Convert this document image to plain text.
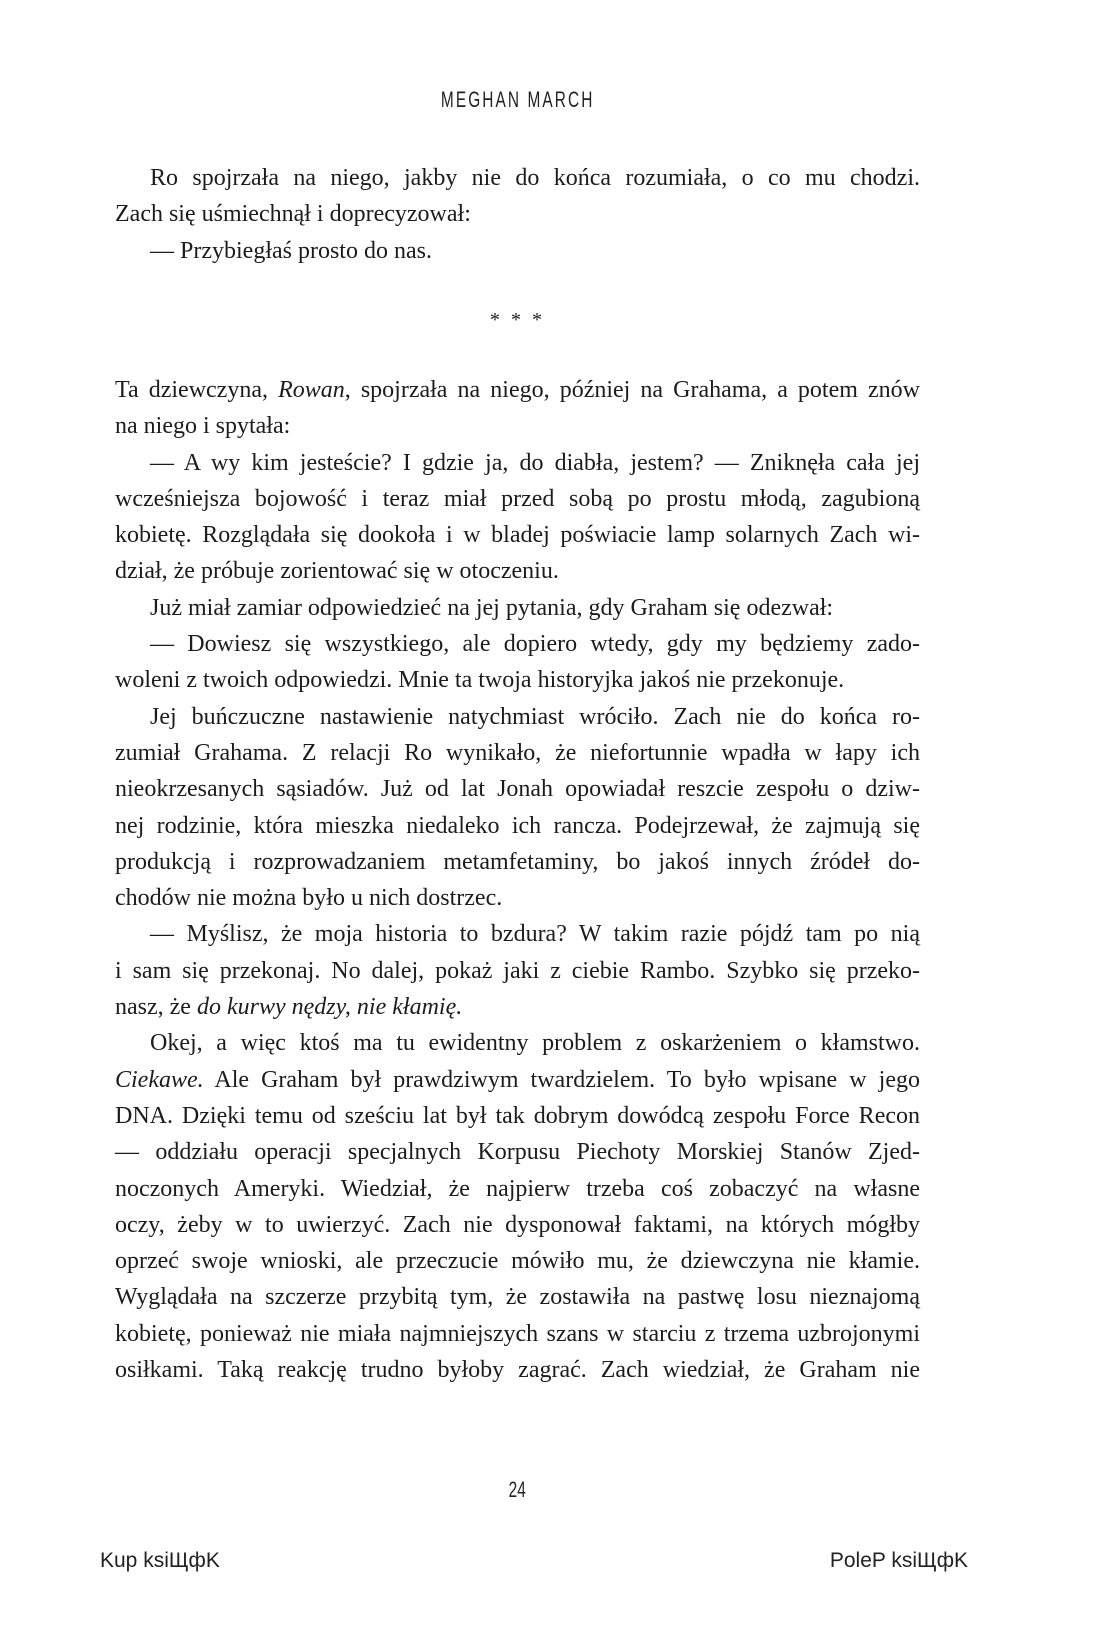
MEGHAN MARCH
Ro spojrzała na niego, jakby nie do końca rozumiała, o co mu chodzi.
Zach się uśmiechnął i doprecyzował:
— Przybiegłaś prosto do nas.
* * *
Ta dziewczyna, Rowan, spojrzała na niego, później na Grahama, a potem znów
na niego i spytała:
— A wy kim jesteście? I gdzie ja, do diabła, jestem? — Zniknęła cała jej
wcześniejsza bojowość i teraz miał przed sobą po prostu młodą, zagubioną
kobietę. Rozglądała się dookoła i w bladej poświacie lamp solarnych Zach wi-
dział, że próbuje zorientować się w otoczeniu.
Już miał zamiar odpowiedzieć na jej pytania, gdy Graham się odezwał:
— Dowiesz się wszystkiego, ale dopiero wtedy, gdy my będziemy zado-
woleni z twoich odpowiedzi. Mnie ta twoja historyjka jakoś nie przekonuje.
Jej buńczuczne nastawienie natychmiast wróciło. Zach nie do końca ro-
zumiał Grahama. Z relacji Ro wynikało, że niefortunnie wpadła w łapy ich
nieokrzesanych sąsiadów. Już od lat Jonah opowiadał reszcie zespołu o dziw-
nej rodzinie, która mieszka niedaleko ich rancza. Podejrzewał, że zajmują się
produkcją i rozprowadzaniem metamfetaminy, bo jakoś innych źródeł do-
chodów nie można było u nich dostrzec.
— Myślisz, że moja historia to bzdura? W takim razie pójdź tam po nią
i sam się przekonaj. No dalej, pokaż jaki z ciebie Rambo. Szybko się przeko-
nasz, że do kurwy nędzy, nie kłamię.
Okej, a więc ktoś ma tu ewidentny problem z oskarżeniem o kłamstwo.
Ciekawe. Ale Graham był prawdziwym twardzielem. To było wpisane w jego
DNA. Dzięki temu od sześciu lat był tak dobrym dowódcą zespołu Force Recon
— oddziału operacji specjalnych Korpusu Piechoty Morskiej Stanów Zjed-
noczonych Ameryki. Wiedział, że najpierw trzeba coś zobaczyć na własne
oczy, żeby w to uwierzyć. Zach nie dysponował faktami, na których mógłby
oprzeć swoje wnioski, ale przeczucie mówiło mu, że dziewczyna nie kłamie.
Wyglądała na szczerze przybitą tym, że zostawiła na pastwę losu nieznajomą
kobietę, ponieważ nie miała najmniejszych szans w starciu z trzema uzbrojonymi
osiłkami. Taką reakcję trudno byłoby zagrać. Zach wiedział, że Graham nie
24
Kup ksiЩфK	PoleP ksiЩфK
